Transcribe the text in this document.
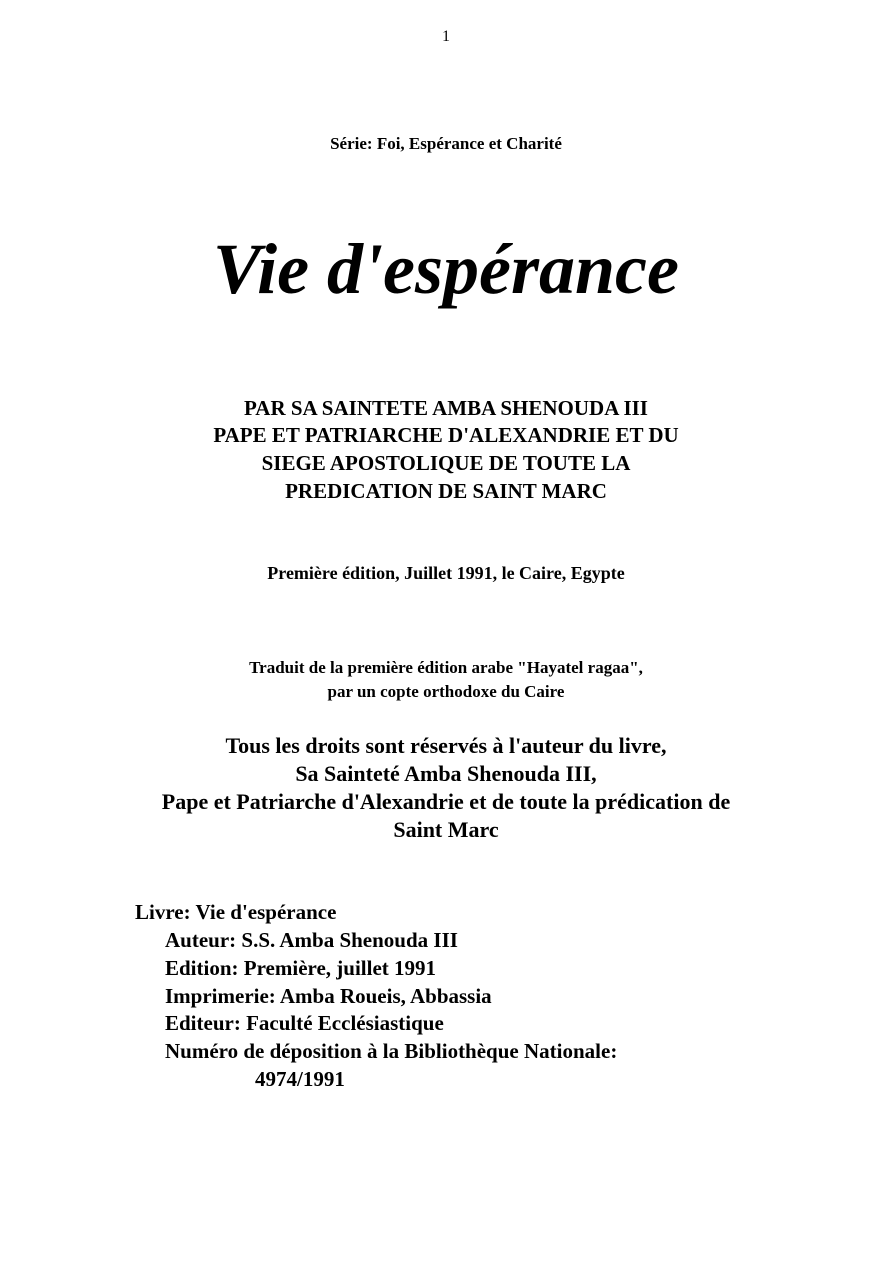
1
Série: Foi, Espérance et Charité
Vie d'espérance
PAR SA SAINTETE AMBA SHENOUDA III
PAPE ET PATRIARCHE D'ALEXANDRIE ET DU
SIEGE APOSTOLIQUE DE TOUTE LA
PREDICATION DE SAINT MARC
Première édition, Juillet 1991, le Caire, Egypte
Traduit de la première édition arabe "Hayatel ragaa",
par un copte orthodoxe du Caire
Tous les droits sont réservés à l'auteur du livre,
Sa Sainteté Amba Shenouda III,
Pape et Patriarche d'Alexandrie et de toute la prédication de
Saint Marc
Livre: Vie d'espérance
Auteur: S.S. Amba Shenouda III
Edition: Première, juillet 1991
Imprimerie: Amba Roueis, Abbassia
Editeur: Faculté Ecclésiastique
Numéro de déposition à la Bibliothèque Nationale:
4974/1991
